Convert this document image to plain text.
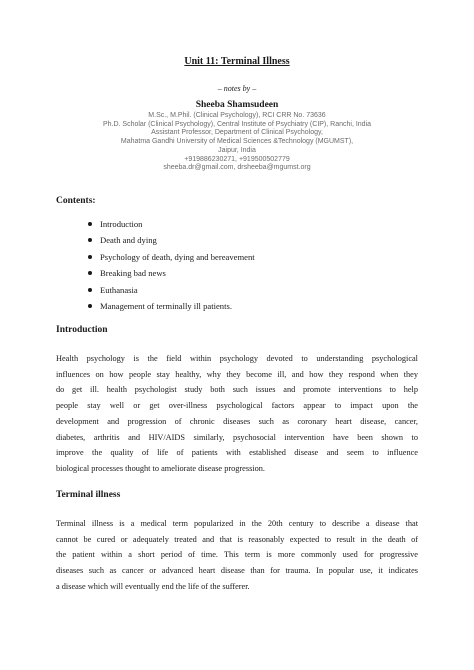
Unit 11: Terminal Illness
– notes by –
Sheeba Shamsudeen
M.Sc., M.Phil. (Clinical Psychology), RCI CRR No. 73636
Ph.D. Scholar (Clinical Psychology), Central Institute of Psychiatry (CIP), Ranchi, India
Assistant Professor, Department of Clinical Psychology,
Mahatma Gandhi University of Medical Sciences &Technology (MGUMST),
Jaipur, India
+919886230271, +919500502779
sheeba.dr@gmail.com, drsheeba@mgumst.org
Contents:
Introduction
Death and dying
Psychology of death, dying and bereavement
Breaking bad news
Euthanasia
Management of terminally ill patients.
Introduction
Health psychology is the field within psychology devoted to understanding psychological
influences on how people stay healthy, why they become ill, and how they respond when they
do get ill. health psychologist study both such issues and promote interventions to help
people stay well or get over-illness psychological factors appear to impact upon the
development and progression of chronic diseases such as coronary heart disease, cancer,
diabetes, arthritis and HIV/AIDS similarly, psychosocial intervention have been shown to
improve the quality of life of patients with established disease and seem to influence
biological processes thought to ameliorate disease progression.
Terminal illness
Terminal illness is a medical term popularized in the 20th century to describe a disease that
cannot be cured or adequately treated and that is reasonably expected to result in the death of
the patient within a short period of time. This term is more commonly used for progressive
diseases such as cancer or advanced heart disease than for trauma. In popular use, it indicates
a disease which will eventually end the life of the sufferer.
